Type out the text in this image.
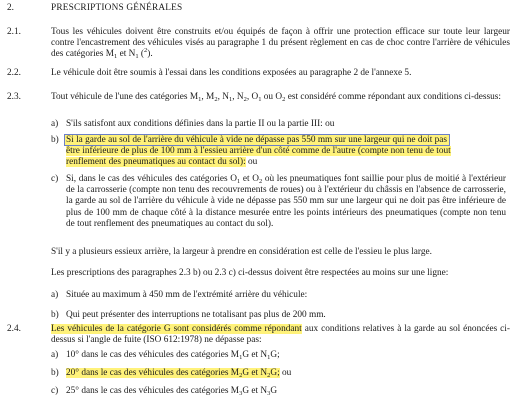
2.	PRESCRIPTIONS GÉNÉRALES
2.1.	Tous les véhicules doivent être construits et/ou équipés de façon à offrir une protection efficace sur toute leur largeur contre l'encastrement des véhicules visés au paragraphe 1 du présent règlement en cas de choc contre l'arrière de véhicules des catégories $M_1$ et $N_1$ ($^2$).
2.2.	Le véhicule doit être soumis à l'essai dans les conditions exposées au paragraphe 2 de l'annexe 5.
2.3.	Tout véhicule de l'une des catégories $M_1$, $M_2$, $N_1$, $N_2$, $O_1$ ou $O_2$ est considéré comme répondant aux conditions ci-dessus:
a) S'ils satisfont aux conditions définies dans la partie II ou la partie III: ou
b) Si la garde au sol de l'arrière du véhicule à vide ne dépasse pas 550 mm sur une largeur qui ne doit pas
être inférieure de plus de 100 mm à l'essieu arrière d'un côté comme de l'autre (compte non tenu de tout
renflement des pneumatiques au contact du sol): ou
c) Si, dans le cas des véhicules des catégories $O_1$ et $O_2$ où les pneumatiques font saillie pour plus de moitié à l'extérieur de la carrosserie (compte non tenu des recouvrements de roues) ou à l'extérieur du châssis en l'absence de carrosserie, la garde au sol de l'arrière du véhicule à vide ne dépasse pas 550 mm sur une largeur qui ne doit pas être inférieure de plus de 100 mm de chaque côté à la distance mesurée entre les points intérieurs des pneumatiques (compte non tenu de tout renflement des pneumatiques au contact du sol).
S'il y a plusieurs essieux arrière, la largeur à prendre en considération est celle de l'essieu le plus large.
Les prescriptions des paragraphes 2.3 b) ou 2.3 c) ci-dessus doivent être respectées au moins sur une ligne:
a) Située au maximum à 450 mm de l'extrémité arrière du véhicule:
b) Qui peut présenter des interruptions ne totalisant pas plus de 200 mm.
2.4.	Les véhicules de la catégorie G sont considérés comme répondant aux conditions relatives à la garde au sol énoncées ci-dessus si l'angle de fuite (ISO 612:1978) ne dépasse pas:
a) 10° dans le cas des véhicules des catégories $M_1G$ et $N_1G$;
b) 20° dans le cas des véhicules des catégories $M_2G$ et $N_2G$; ou
c) 25° dans le cas des véhicules des catégories $M_3G$ et $N_3G$
